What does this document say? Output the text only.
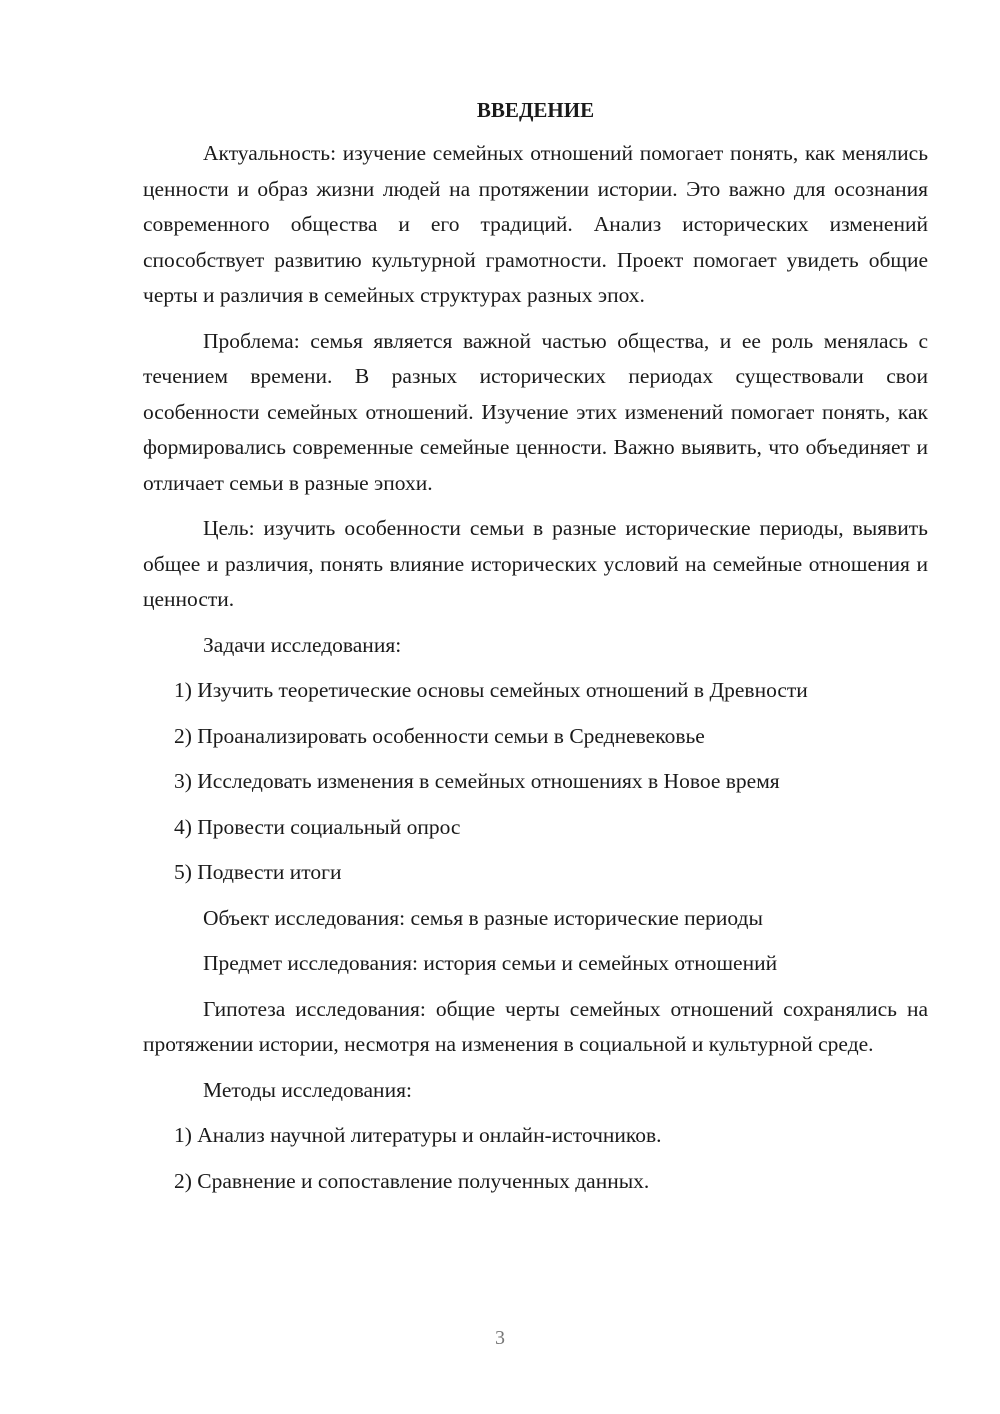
ВВЕДЕНИЕ

Актуальность: изучение семейных отношений помогает понять, как менялись ценности и образ жизни людей на протяжении истории. Это важно для осознания современного общества и его традиций. Анализ исторических изменений способствует развитию культурной грамотности. Проект помогает увидеть общие черты и различия в семейных структурах разных эпох.

Проблема: семья является важной частью общества, и ее роль менялась с течением времени. В разных исторических периодах существовали свои особенности семейных отношений. Изучение этих изменений помогает понять, как формировались современные семейные ценности. Важно выявить, что объединяет и отличает семьи в разные эпохи.

Цель: изучить особенности семьи в разные исторические периоды, выявить общее и различия, понять влияние исторических условий на семейные отношения и ценности.

Задачи исследования:
1) Изучить теоретические основы семейных отношений в Древности
2) Проанализировать особенности семьи в Средневековье
3) Исследовать изменения в семейных отношениях в Новое время
4) Провести социальный опрос
5) Подвести итоги
Объект исследования: семья в разные исторические периоды
Предмет исследования: история семьи и семейных отношений

Гипотеза исследования: общие черты семейных отношений сохранялись на протяжении истории, несмотря на изменения в социальной и культурной среде.

Методы исследования:
1) Анализ научной литературы и онлайн-источников.
2) Сравнение и сопоставление полученных данных.
3
